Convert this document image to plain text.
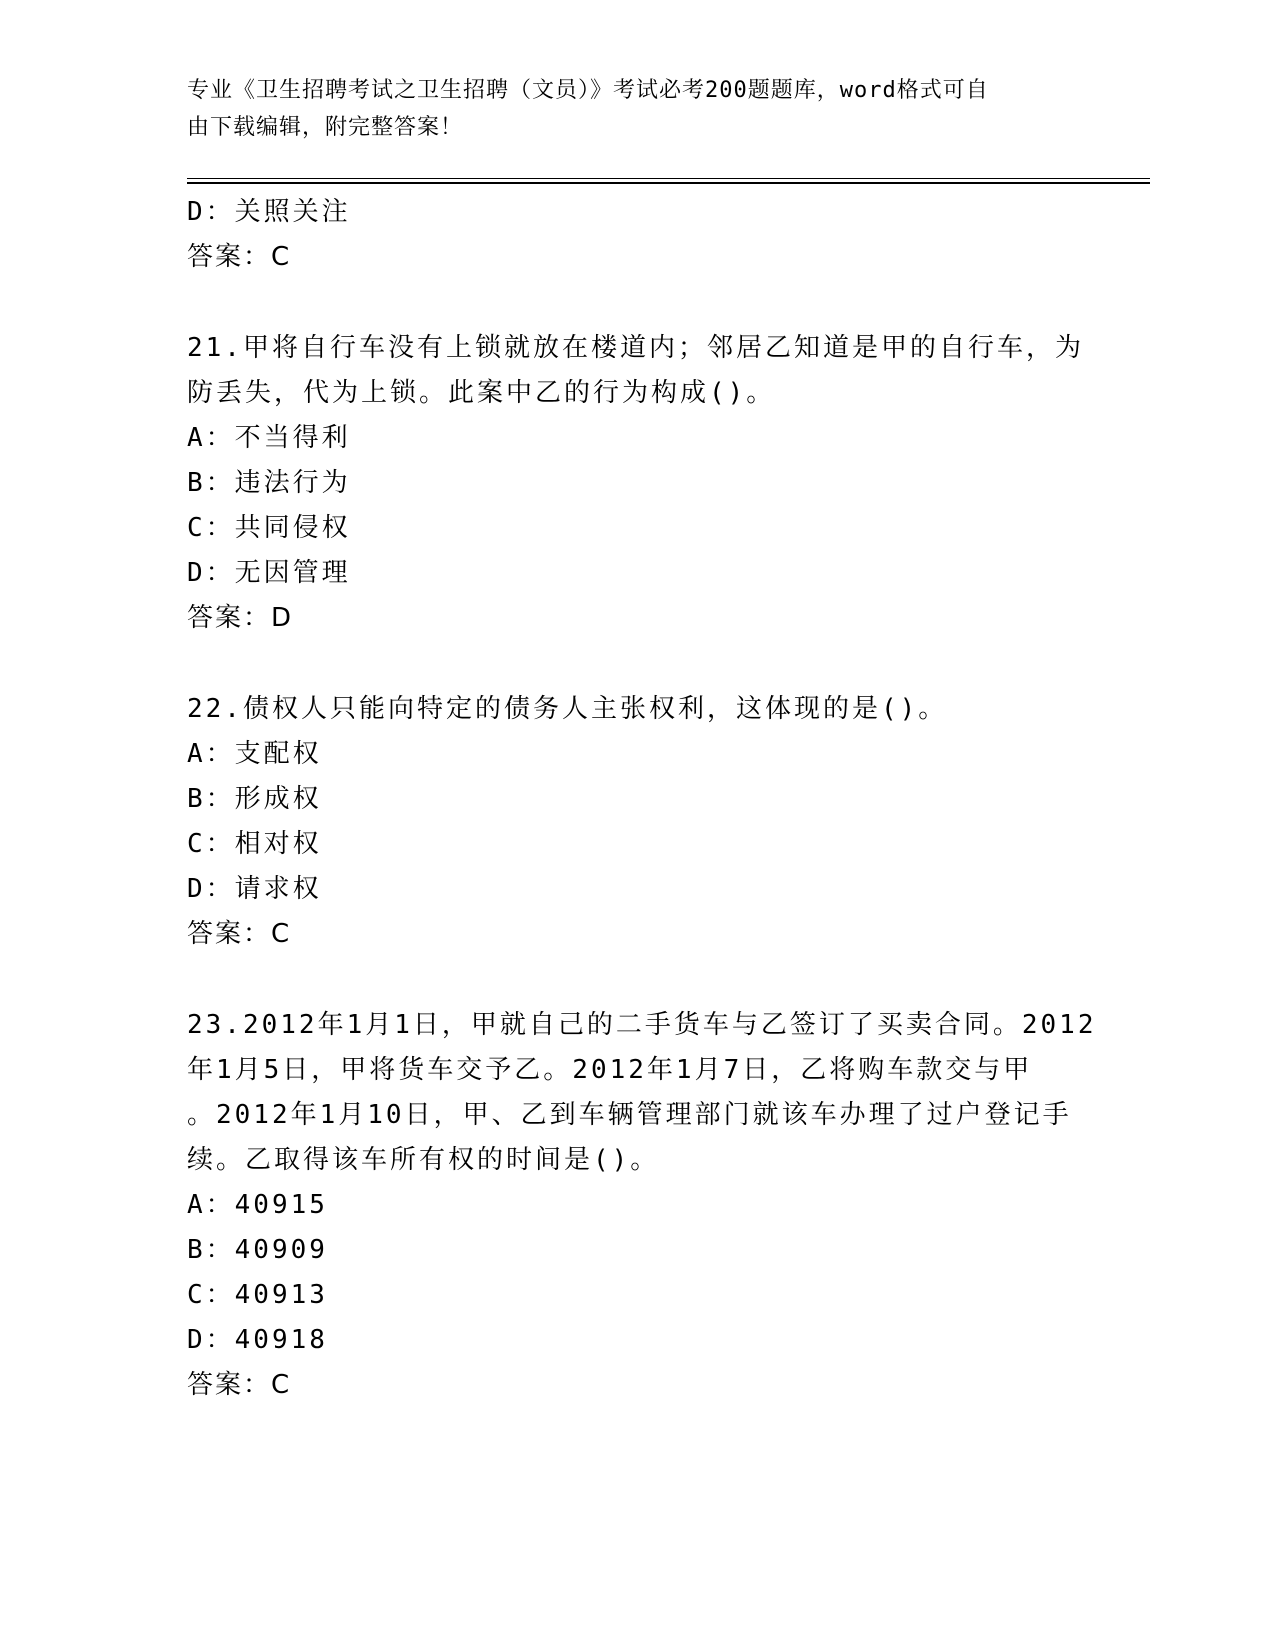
专业《卫生招聘考试之卫生招聘（文员）》考试必考200题题库，word格式可自
由下载编辑，附完整答案！
D：关照关注
答案：C
21.甲将自行车没有上锁就放在楼道内；邻居乙知道是甲的自行车，为
防丢失，代为上锁。此案中乙的行为构成()。
A：不当得利
B：违法行为
C：共同侵权
D：无因管理
答案：D
22.债权人只能向特定的债务人主张权利，这体现的是()。
A：支配权
B：形成权
C：相对权
D：请求权
答案：C
23.2012年1月1日，甲就自己的二手货车与乙签订了买卖合同。2012
年1月5日，甲将货车交予乙。2012年1月7日，乙将购车款交与甲
。2012年1月10日，甲、乙到车辆管理部门就该车办理了过户登记手
续。乙取得该车所有权的时间是()。
A：40915
B：40909
C：40913
D：40918
答案：C
